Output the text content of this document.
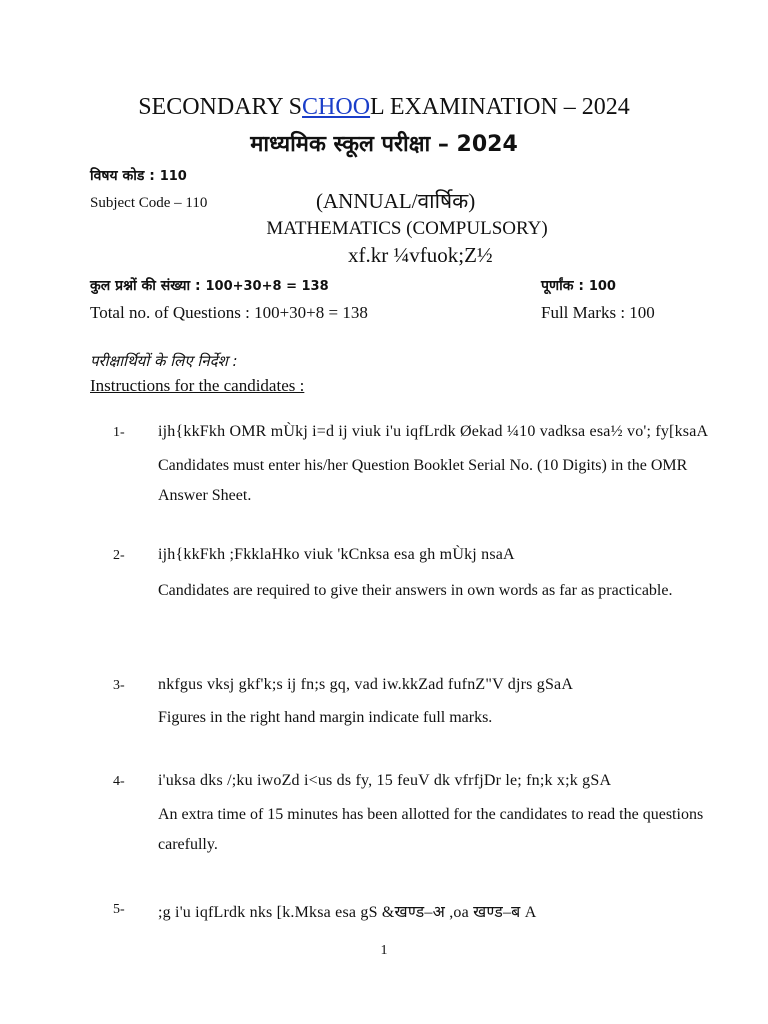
SECONDARY SCHOOL EXAMINATION – 2024
माध्यमिक स्कूल परीक्षा – 2024
विषय कोड : 110
Subject Code – 110	(ANNUAL/वार्षिक)
MATHEMATICS (COMPULSORY)
xf.kr ¼vfuok;Z½
कुल प्रश्नों की संख्या : 100+30+8 = 138	पूर्णांक : 100
Total no. of Questions : 100+30+8 = 138	Full Marks : 100
परीक्षार्थियों के लिए निर्देश :
Instructions for the candidates :
1- ijh{kkFkh OMR mÙkj i=d ij viuk i'u iqfLrdk Øekad ¼10 vadksa esa½ vo'; fy[ksaA
Candidates must enter his/her Question Booklet Serial No. (10 Digits) in the OMR Answer Sheet.
2- ijh{kkFkh ;FkklaHko viuk 'kCnksa esa gh mÙkj nsaA
Candidates are required to give their answers in own words as far as practicable.
3- nkfgus vksj gkf'k;s ij fn;s gq, vad iw.kkZad fufnZ"V djrs gSaA
Figures in the right hand margin indicate full marks.
4- i'uksa dks /;ku iwoZd i<us ds fy, 15 feuV dk vfrfjDr le; fn;k x;k gSA
An extra time of 15 minutes has been allotted for the candidates to read the questions carefully.
5- ;g i'u iqfLrdk nks [k.Mksa esa gS &खण्ड–अ ,oa खण्ड–ब A
1
